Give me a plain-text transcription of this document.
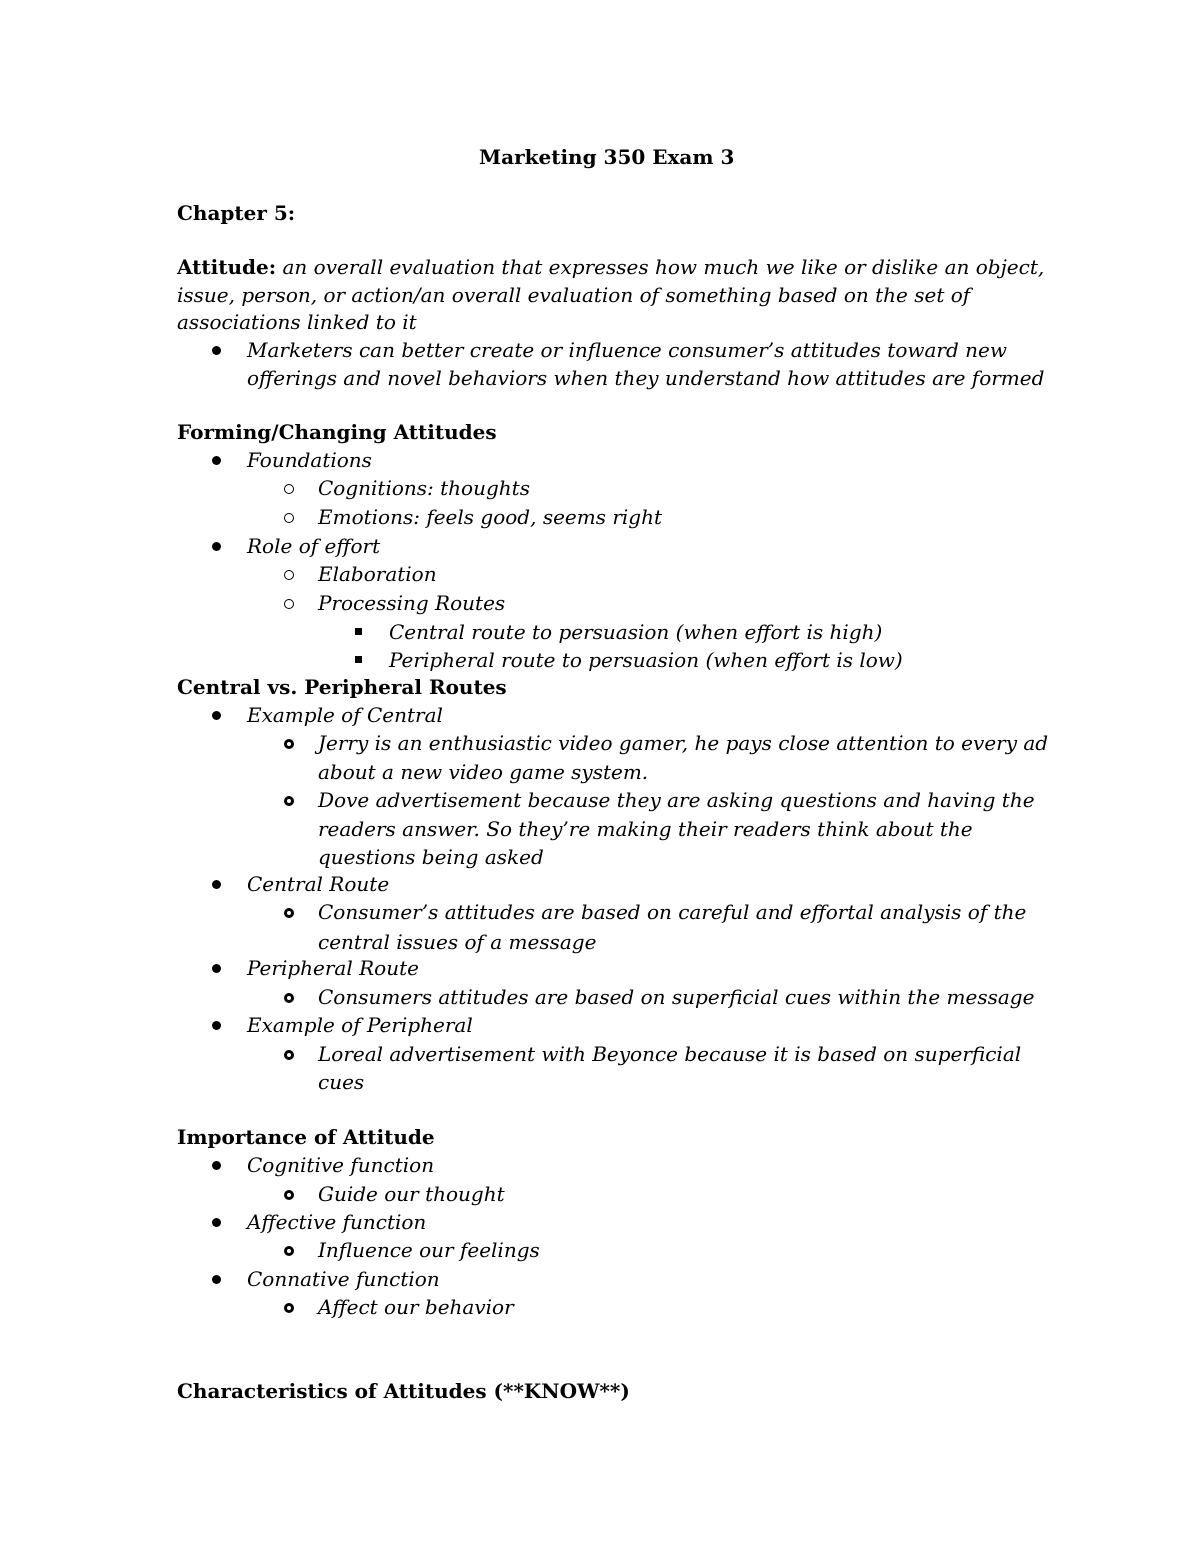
Marketing 350 Exam 3
Chapter 5:
Attitude: an overall evaluation that expresses how much we like or dislike an object,
issue, person, or action/an overall evaluation of something based on the set of
associations linked to it
Marketers can better create or influence consumer’s attitudes toward new
offerings and novel behaviors when they understand how attitudes are formed
Forming/Changing Attitudes
Foundations
Cognitions: thoughts
Emotions: feels good, seems right
Role of effort
Elaboration
Processing Routes
Central route to persuasion (when effort is high)
Peripheral route to persuasion (when effort is low)
Central vs. Peripheral Routes
Example of Central
Jerry is an enthusiastic video gamer, he pays close attention to every ad
about a new video game system.
Dove advertisement because they are asking questions and having the
readers answer. So they’re making their readers think about the
questions being asked
Central Route
Consumer’s attitudes are based on careful and effortal analysis of the
central issues of a message
Peripheral Route
Consumers attitudes are based on superficial cues within the message
Example of Peripheral
Loreal advertisement with Beyonce because it is based on superficial
cues
Importance of Attitude
Cognitive function
Guide our thought
Affective function
Influence our feelings
Connative function
Affect our behavior
Characteristics of Attitudes (**KNOW**)
